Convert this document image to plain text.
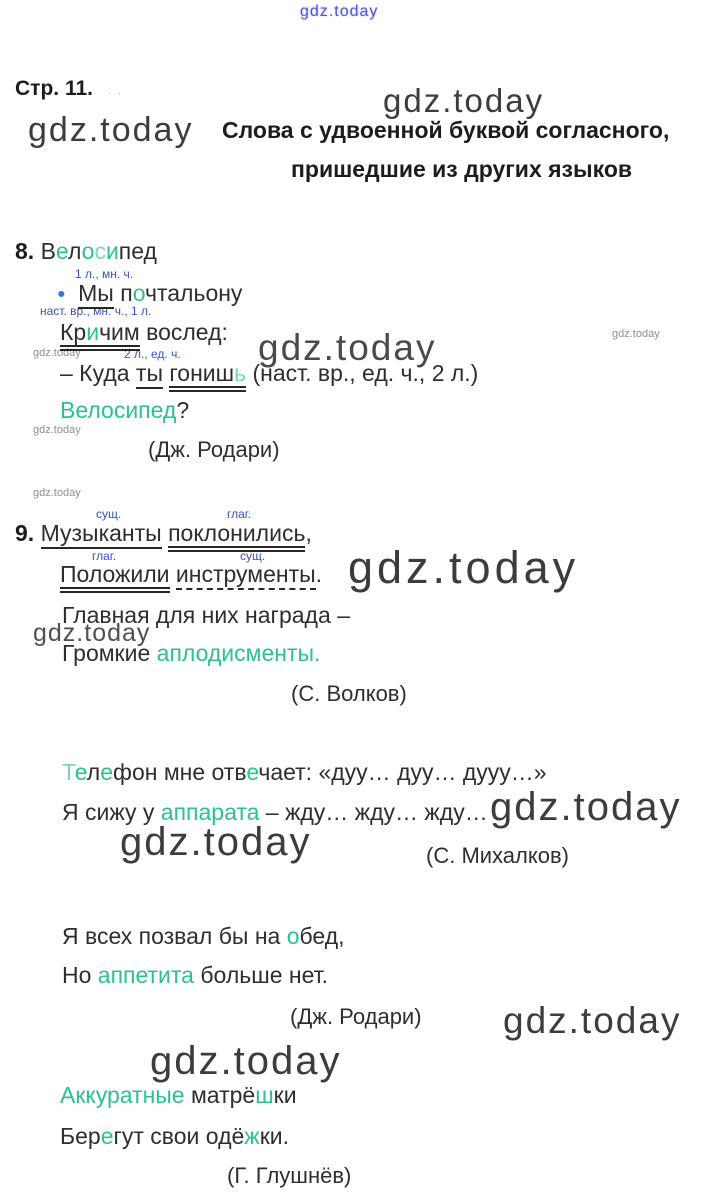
gdz.today
. .	gdz.today
gdz.today
gdz.today
gdz.today
gdz.today
gdz.today
gdz.today
gdz.today
gdz.today
gdz.today
gdz.today
gdz.today
gdz.today
1 л., мн. ч.
наст. вр., мн. ч., 1 л.
2 л., ед. ч.
сущ.	глаг.
глаг.	сущ.
Стр. 11.
Слова с удвоенной буквой согласного,
пришедшие из других языков
8. Велосипед
● Мы почтальону
Кричим вослед:
– Куда ты гонишь (наст. вр., ед. ч., 2 л.)
Велосипед?
(Дж. Родари)
9. Музыканты поклонились,
Положили инструменты.
Главная для них награда –
Громкие аплодисменты.
(С. Волков)
Телефон мне отвечает: «дуу… дуу… дууу…»
Я сижу у аппарата – жду… жду… жду…
(С. Михалков)
Я всех позвал бы на обед,
Но аппетита больше нет.
(Дж. Родари)
Аккуратные матрёшки
Берегут свои одёжки.
(Г. Глушнёв)
